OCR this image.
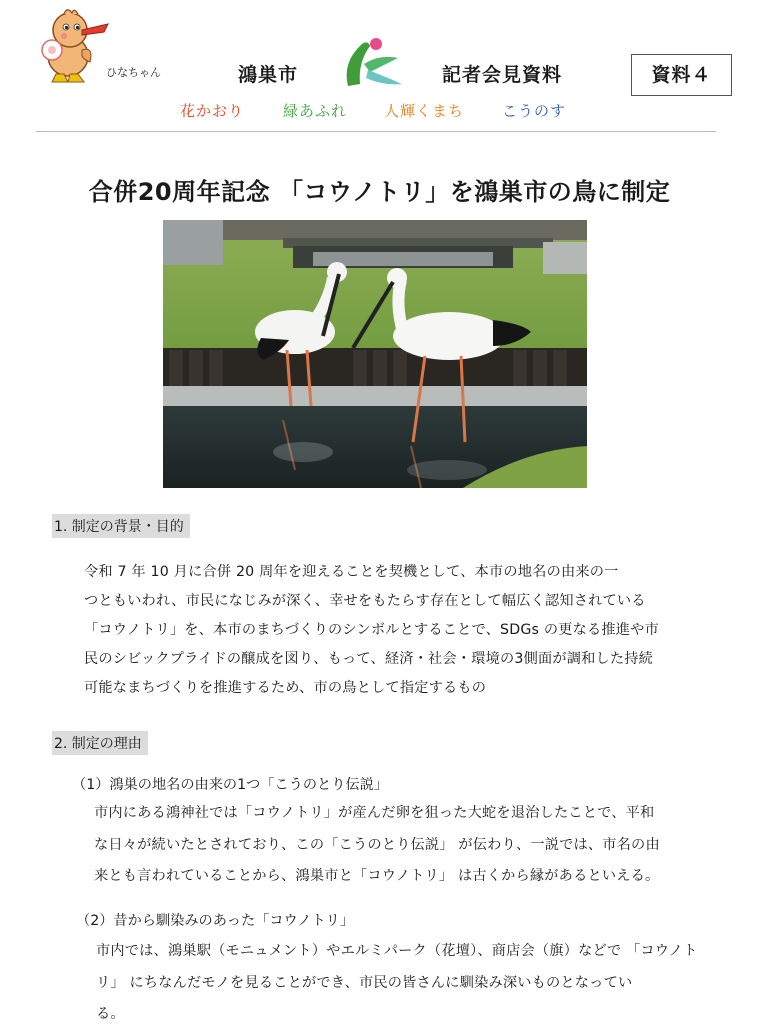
ひなちゃん	鴻巣市	記者会見資料	資料４
花かおり	緑あふれ 人輝くまち	こうのす
合併20周年記念 「コウノトリ」を鴻巣市の鳥に制定
1. 制定の背景・目的
令和 7 年 10 月に合併 20 周年を迎えることを契機として、本市の地名の由来の一
つともいわれ、市民になじみが深く、幸せをもたらす存在として幅広く認知されている
「コウノトリ」を、本市のまちづくりのシンボルとすることで、SDGs の更なる推進や市
民のシビックプライドの醸成を図り、もって、経済・社会・環境の3側面が調和した持続
可能なまちづくりを推進するため、市の鳥として指定するもの
2. 制定の理由
（1）鴻巣の地名の由来の1つ「こうのとり伝説」
市内にある鴻神社では「コウノトリ」が産んだ卵を狙った大蛇を退治したことで、平和
な日々が続いたとされており、この「こうのとり伝説」 が伝わり、一説では、市名の由
来とも言われていることから、鴻巣市と「コウノトリ」 は古くから縁があるといえる。
（2）昔から馴染みのあった「コウノトリ」
市内では、鴻巣駅（モニュメント）やエルミパーク（花壇）、商店会（旗）などで 「コウノト
リ」 にちなんだモノを見ることができ、市民の皆さんに馴染み深いものとなってい
る。
